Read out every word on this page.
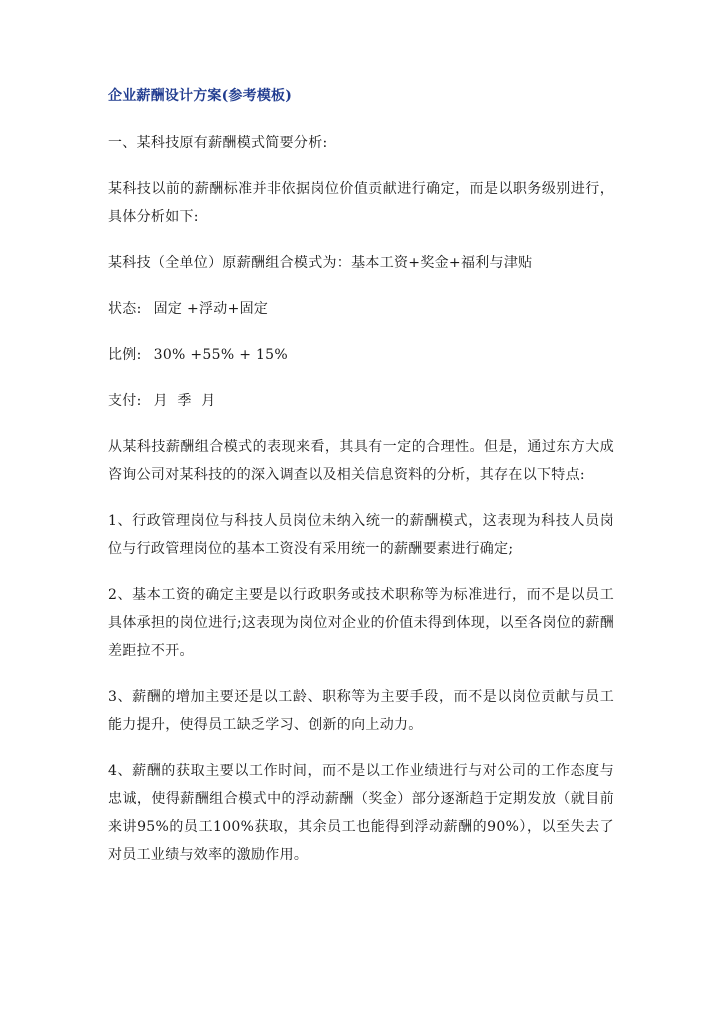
企业薪酬设计方案(参考模板)

一、某科技原有薪酬模式简要分析:

某科技以前的薪酬标准并非依据岗位价值贡献进行确定，而是以职务级别进行，具体分析如下:

某科技（全单位）原薪酬组合模式为：基本工资+奖金+福利与津贴

状态: 固定 +浮动+固定

比例: 30% +55% + 15%

支付: 月  季  月

从某科技薪酬组合模式的表现来看，其具有一定的合理性。但是，通过东方大成咨询公司对某科技的的深入调查以及相关信息资料的分析，其存在以下特点:

1、行政管理岗位与科技人员岗位未纳入统一的薪酬模式，这表现为科技人员岗位与行政管理岗位的基本工资没有采用统一的薪酬要素进行确定;

2、基本工资的确定主要是以行政职务或技术职称等为标准进行，而不是以员工具体承担的岗位进行;这表现为岗位对企业的价值未得到体现，以至各岗位的薪酬差距拉不开。

3、薪酬的增加主要还是以工龄、职称等为主要手段，而不是以岗位贡献与员工能力提升，使得员工缺乏学习、创新的向上动力。

4、薪酬的获取主要以工作时间，而不是以工作业绩进行与对公司的工作态度与忠诚，使得薪酬组合模式中的浮动薪酬（奖金）部分逐渐趋于定期发放（就目前来讲95%的员工100%获取，其余员工也能得到浮动薪酬的90%），以至失去了对员工业绩与效率的激励作用。
